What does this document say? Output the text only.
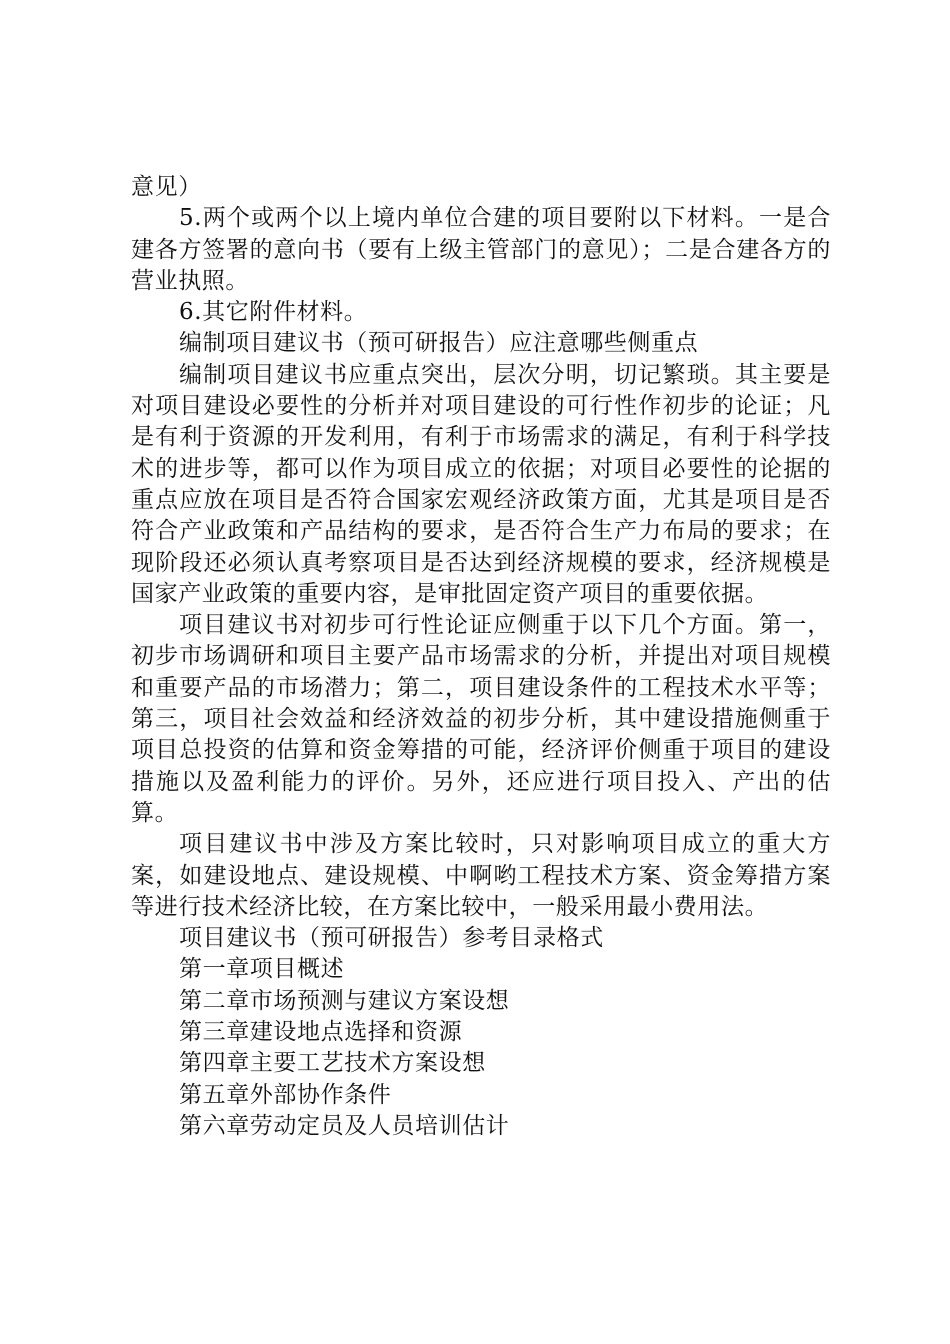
意见）

5.两个或两个以上境内单位合建的项目要附以下材料。一是合建各方签署的意向书（要有上级主管部门的意见）；二是合建各方的营业执照。

6.其它附件材料。

编制项目建议书（预可研报告）应注意哪些侧重点

编制项目建议书应重点突出，层次分明，切记繁琐。其主要是对项目建设必要性的分析并对项目建设的可行性作初步的论证；凡是有利于资源的开发利用，有利于市场需求的满足，有利于科学技术的进步等，都可以作为项目成立的依据；对项目必要性的论据的重点应放在项目是否符合国家宏观经济政策方面，尤其是项目是否符合产业政策和产品结构的要求，是否符合生产力布局的要求；在现阶段还必须认真考察项目是否达到经济规模的要求，经济规模是国家产业政策的重要内容，是审批固定资产项目的重要依据。

项目建议书对初步可行性论证应侧重于以下几个方面。第一，初步市场调研和项目主要产品市场需求的分析，并提出对项目规模和重要产品的市场潜力；第二，项目建设条件的工程技术水平等；第三，项目社会效益和经济效益的初步分析，其中建设措施侧重于项目总投资的估算和资金筹措的可能，经济评价侧重于项目的建设措施以及盈利能力的评价。另外，还应进行项目投入、产出的估算。

项目建议书中涉及方案比较时，只对影响项目成立的重大方案，如建设地点、建设规模、中啊哟工程技术方案、资金筹措方案等进行技术经济比较，在方案比较中，一般采用最小费用法。

项目建议书（预可研报告）参考目录格式

第一章项目概述

第二章市场预测与建议方案设想

第三章建设地点选择和资源

第四章主要工艺技术方案设想

第五章外部协作条件

第六章劳动定员及人员培训估计
